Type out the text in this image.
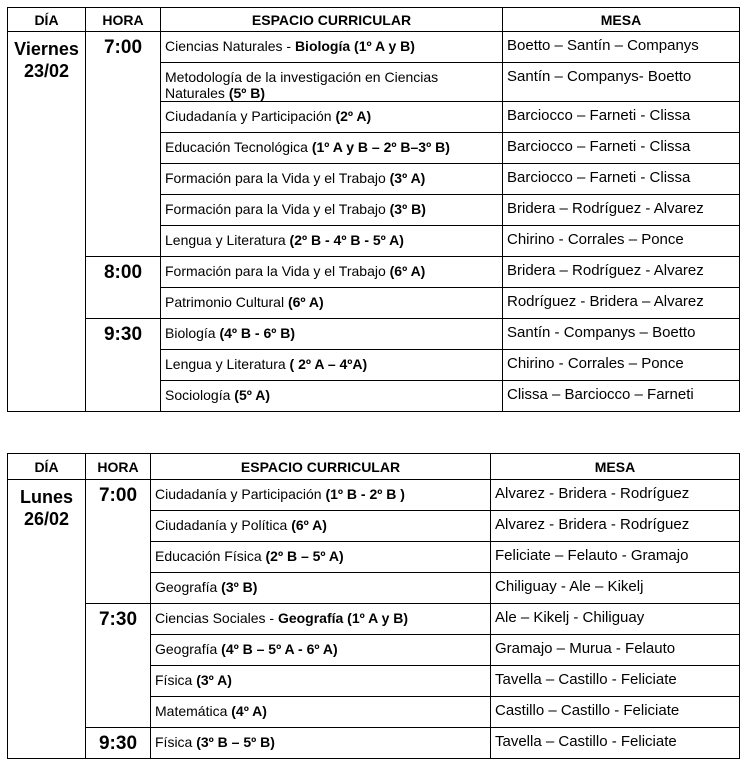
DÍA	HORA	ESPACIO CURRICULAR	MESA

Viernes
23/02	7:00	Ciencias Naturales - Biología (1º A y B)	Boetto – Santín – Companys
		Metodología de la investigación en Ciencias Naturales (5º B)	Santín – Companys- Boetto
		Ciudadanía y Participación (2º A)	Barciocco – Farneti - Clissa
		Educación Tecnológica (1º A y B – 2º B–3º B)	Barciocco – Farneti - Clissa
		Formación para la Vida y el Trabajo (3º A)	Barciocco – Farneti - Clissa
		Formación para la Vida y el Trabajo (3º B)	Bridera – Rodríguez - Alvarez
		Lengua y Literatura (2º B - 4º B - 5º A)	Chirino - Corrales – Ponce
	8:00	Formación para la Vida y el Trabajo (6º A)	Bridera – Rodríguez - Alvarez
		Patrimonio Cultural (6º A)	Rodríguez - Bridera – Alvarez
	9:30	Biología (4º B - 6º B)	Santín - Companys – Boetto
		Lengua y Literatura ( 2º A – 4ºA)	Chirino - Corrales – Ponce
		Sociología (5º A)	Clissa – Barciocco – Farneti
DÍA	HORA	ESPACIO CURRICULAR	MESA

Lunes
26/02	7:00	Ciudadanía y Participación (1º B - 2º B )	Alvarez - Bridera - Rodríguez
		Ciudadanía y Política (6º A)	Alvarez - Bridera - Rodríguez
		Educación Física (2º B – 5º A)	Feliciate – Felauto - Gramajo
		Geografía (3º B)	Chiliguay - Ale – Kikelj
	7:30	Ciencias Sociales - Geografía (1º A y B)	Ale – Kikelj - Chiliguay
		Geografía (4º B – 5º A - 6º A)	Gramajo – Murua - Felauto
		Física (3º A)	Tavella – Castillo - Feliciate
		Matemática (4º A)	Castillo – Castillo - Feliciate
	9:30	Física (3º B – 5º B)	Tavella – Castillo - Feliciate
